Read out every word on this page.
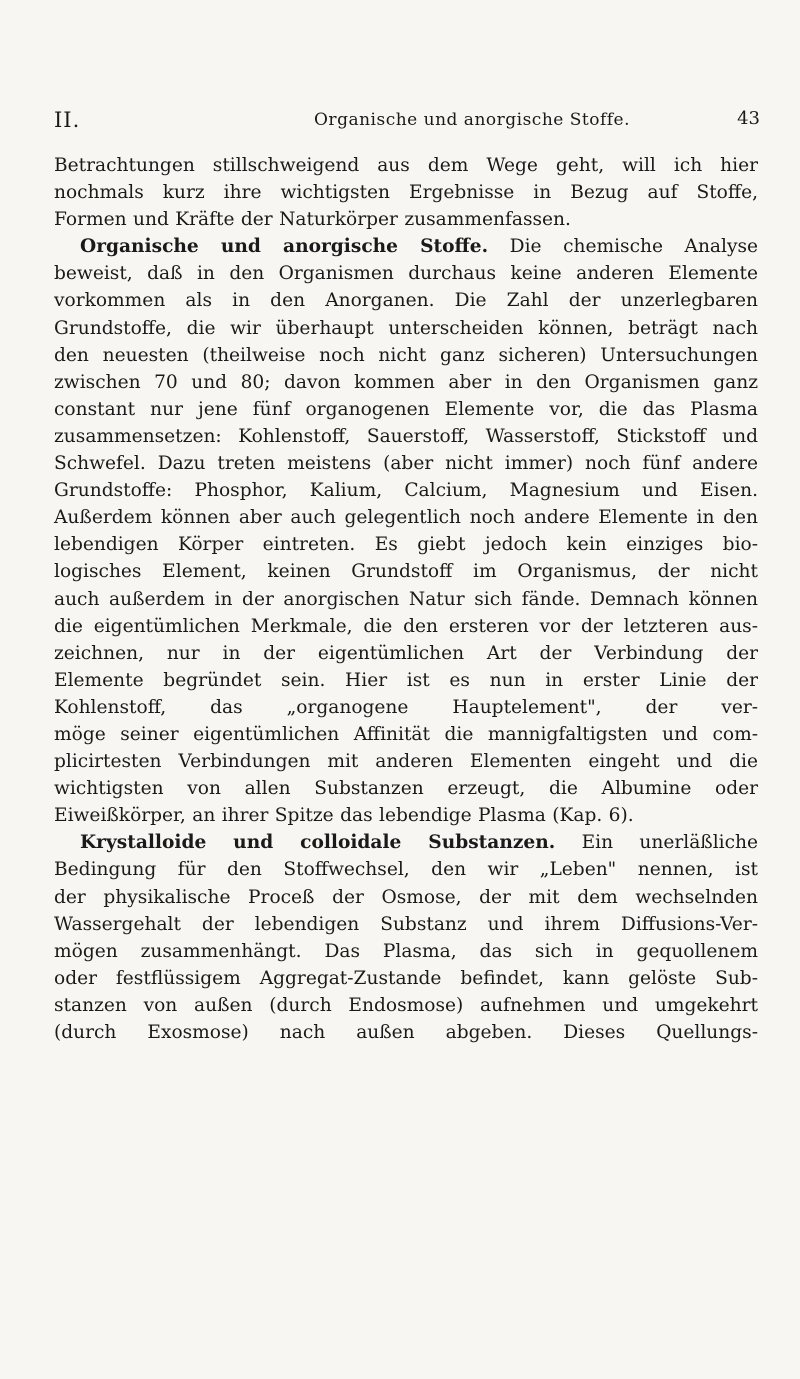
II.	Organische und anorgische Stoffe.	43
Betrachtungen stillschweigend aus dem Wege geht, will ich hier
nochmals kurz ihre wichtigsten Ergebnisse in Bezug auf Stoffe,
Formen und Kräfte der Naturkörper zusammenfassen.
Organische und anorgische Stoffe. Die chemische Analyse
beweist, daß in den Organismen durchaus keine anderen Elemente
vorkommen als in den Anorganen. Die Zahl der unzerlegbaren
Grundstoffe, die wir überhaupt unterscheiden können, beträgt nach
den neuesten (theilweise noch nicht ganz sicheren) Untersuchungen
zwischen 70 und 80; davon kommen aber in den Organismen ganz
constant nur jene fünf organogenen Elemente vor, die das Plasma
zusammensetzen: Kohlenstoff, Sauerstoff, Wasserstoff, Stickstoff und
Schwefel. Dazu treten meistens (aber nicht immer) noch fünf andere
Grundstoffe: Phosphor, Kalium, Calcium, Magnesium und Eisen.
Außerdem können aber auch gelegentlich noch andere Elemente in den
lebendigen Körper eintreten. Es giebt jedoch kein einziges bio-
logisches Element, keinen Grundstoff im Organismus, der nicht
auch außerdem in der anorgischen Natur sich fände. Demnach können
die eigentümlichen Merkmale, die den ersteren vor der letzteren aus-
zeichnen, nur in der eigentümlichen Art der Verbindung der
Elemente begründet sein. Hier ist es nun in erster Linie der
Kohlenstoff, das „organogene Hauptelement", der ver-
möge seiner eigentümlichen Affinität die mannigfaltigsten und com-
plicirtesten Verbindungen mit anderen Elementen eingeht und die
wichtigsten von allen Substanzen erzeugt, die Albumine oder
Eiweißkörper, an ihrer Spitze das lebendige Plasma (Kap. 6).
Krystalloide und colloidale Substanzen. Ein unerläßliche
Bedingung für den Stoffwechsel, den wir „Leben" nennen, ist
der physikalische Proceß der Osmose, der mit dem wechselnden
Wassergehalt der lebendigen Substanz und ihrem Diffusions-Ver-
mögen zusammenhängt. Das Plasma, das sich in gequollenem
oder festflüssigem Aggregat-Zustande befindet, kann gelöste Sub-
stanzen von außen (durch Endosmose) aufnehmen und umgekehrt
(durch Exosmose) nach außen abgeben. Dieses Quellungs-
